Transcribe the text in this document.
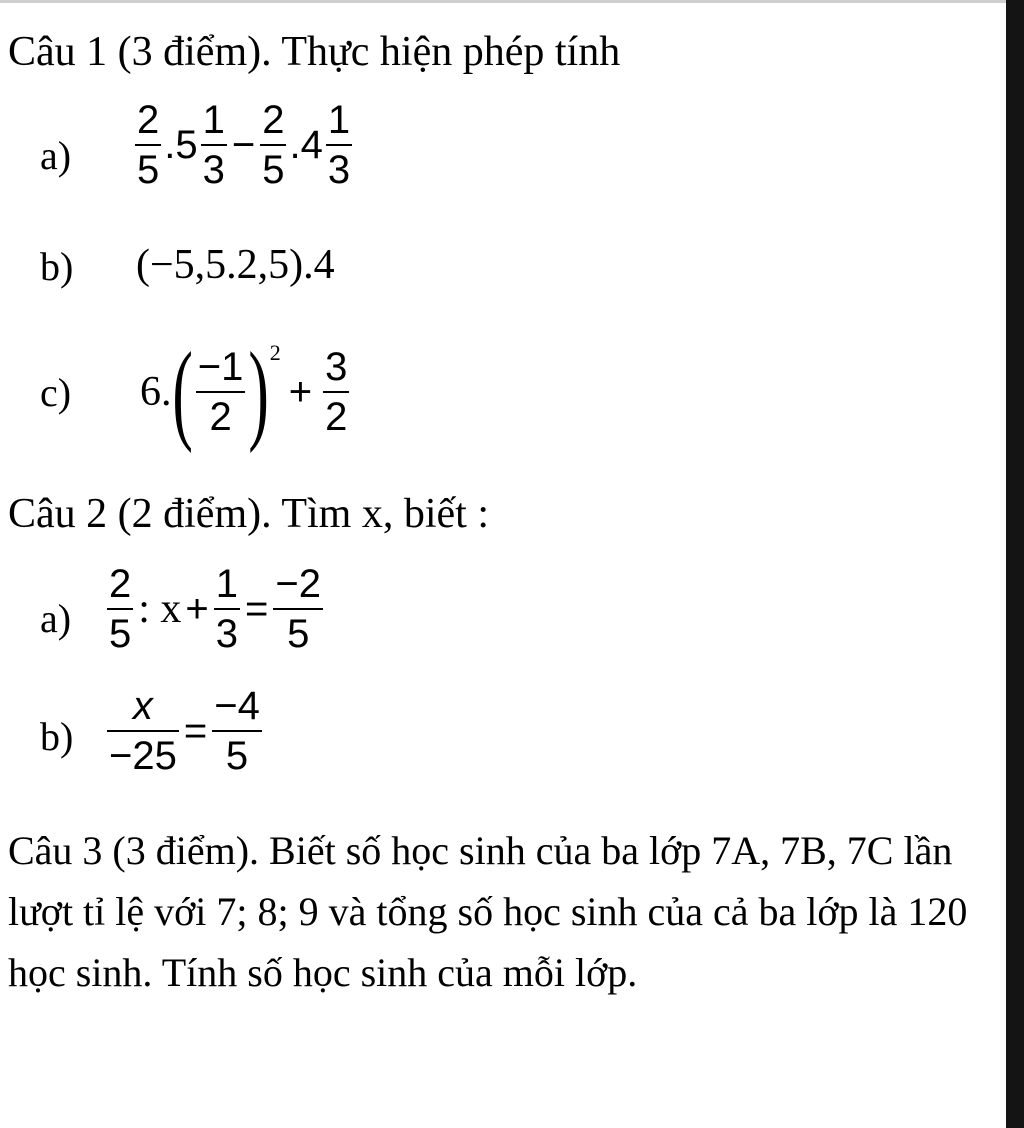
Câu 1 (3 điểm). Thực hiện phép tính
$a) \frac{2}{5} .5 \frac{1}{3} - \frac{2}{5} .4 \frac{1}{3}$
b) (−5,5.2,5).4
c) 6. ( $\frac{-1}{2}$ ) 2
+ $\frac{3}{2}$
Câu 2 (2 điểm). Tìm x, biết :
$a) \frac{2}{5}$ : $x + \frac{1}{3} = \frac{-2}{5}$
$b) \frac{x}{-25} = \frac{-4}{5}$
Câu 3 (3 điểm). Biết số học sinh của ba lớp 7A, 7B, 7C lần lượt tỉ lệ với 7; 8; 9 và tổng số học sinh của cả ba lớp là 120 học sinh. Tính số học sinh của mỗi lớp.
